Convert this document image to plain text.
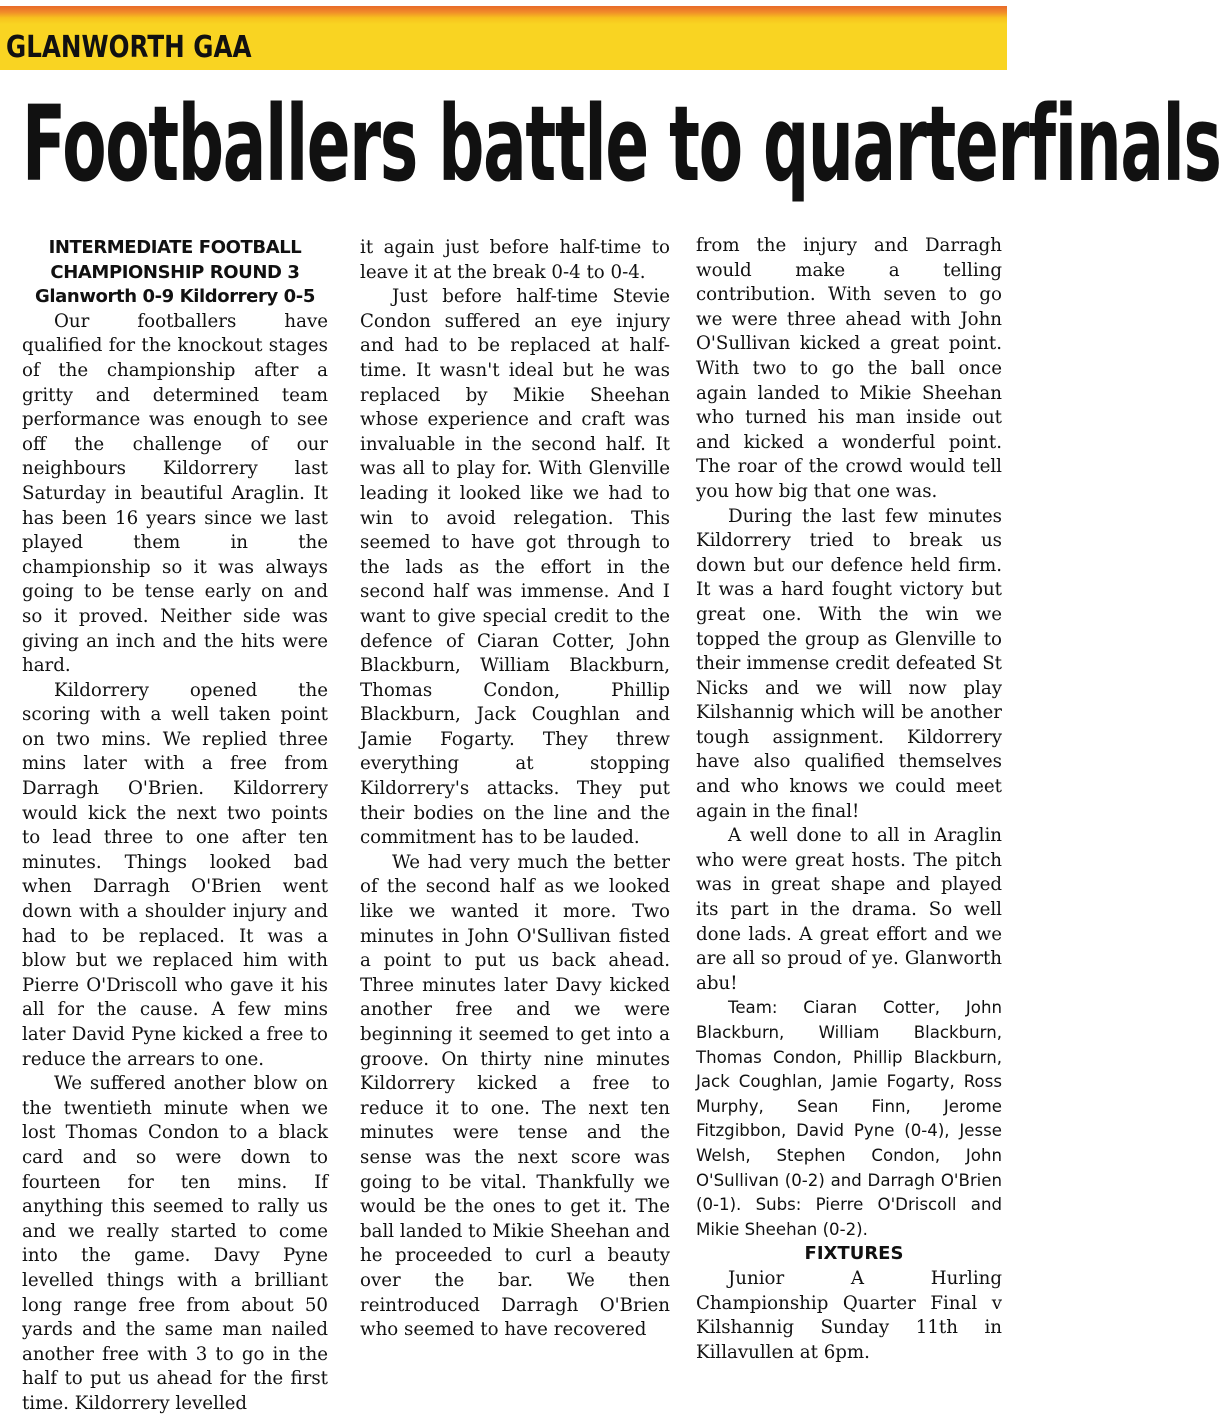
GLANWORTH GAA
Footballers battle to quarterfinals
INTERMEDIATE FOOTBALL
CHAMPIONSHIP ROUND 3
Glanworth 0-9 Kildorrery 0-5

Our footballers have qualified for the knockout stages of the championship after a gritty and determined team performance was enough to see off the challenge of our neighbours Kildorrery last Saturday in beautiful Araglin. It has been 16 years since we last played them in the championship so it was always going to be tense early on and so it proved. Neither side was giving an inch and the hits were hard.

Kildorrery opened the scoring with a well taken point on two mins. We replied three mins later with a free from Darragh O'Brien. Kildorrery would kick the next two points to lead three to one after ten minutes. Things looked bad when Darragh O'Brien went down with a shoulder injury and had to be replaced. It was a blow but we replaced him with Pierre O'Driscoll who gave it his all for the cause. A few mins later David Pyne kicked a free to reduce the arrears to one.

We suffered another blow on the twentieth minute when we lost Thomas Condon to a black card and so were down to fourteen for ten mins. If anything this seemed to rally us and we really started to come into the game. Davy Pyne levelled things with a brilliant long range free from about 50 yards and the same man nailed another free with 3 to go in the half to put us ahead for the first time. Kildorrery levelled

it again just before half-time to leave it at the break 0-4 to 0-4.

Just before half-time Stevie Condon suffered an eye injury and had to be replaced at half-time. It wasn't ideal but he was replaced by Mikie Sheehan whose experience and craft was invaluable in the second half. It was all to play for. With Glenville leading it looked like we had to win to avoid relegation. This seemed to have got through to the lads as the effort in the second half was immense. And I want to give special credit to the defence of Ciaran Cotter, John Blackburn, William Blackburn, Thomas Condon, Phillip Blackburn, Jack Coughlan and Jamie Fogarty. They threw everything at stopping Kildorrery's attacks. They put their bodies on the line and the commitment has to be lauded.

We had very much the better of the second half as we looked like we wanted it more. Two minutes in John O'Sullivan fisted a point to put us back ahead. Three minutes later Davy kicked another free and we were beginning it seemed to get into a groove. On thirty nine minutes Kildorrery kicked a free to reduce it to one. The next ten minutes were tense and the sense was the next score was going to be vital. Thankfully we would be the ones to get it. The ball landed to Mikie Sheehan and he proceeded to curl a beauty over the bar. We then reintroduced Darragh O'Brien who seemed to have recovered

from the injury and Darragh would make a telling contribution. With seven to go we were three ahead with John O'Sullivan kicked a great point. With two to go the ball once again landed to Mikie Sheehan who turned his man inside out and kicked a wonderful point. The roar of the crowd would tell you how big that one was.

During the last few minutes Kildorrery tried to break us down but our defence held firm. It was a hard fought victory but great one. With the win we topped the group as Glenville to their immense credit defeated St Nicks and we will now play Kilshannig which will be another tough assignment. Kildorrery have also qualified themselves and who knows we could meet again in the final!

A well done to all in Araglin who were great hosts. The pitch was in great shape and played its part in the drama. So well done lads. A great effort and we are all so proud of ye. Glanworth abu!

Team: Ciaran Cotter, John Blackburn, William Blackburn, Thomas Condon, Phillip Blackburn, Jack Coughlan, Jamie Fogarty, Ross Murphy, Sean Finn, Jerome Fitzgibbon, David Pyne (0-4), Jesse Welsh, Stephen Condon, John O'Sullivan (0-2) and Darragh O'Brien (0-1). Subs: Pierre O'Driscoll and Mikie Sheehan (0-2).

FIXTURES

Junior A Hurling Championship Quarter Final v Kilshannig Sunday 11th in Killavullen at 6pm.
